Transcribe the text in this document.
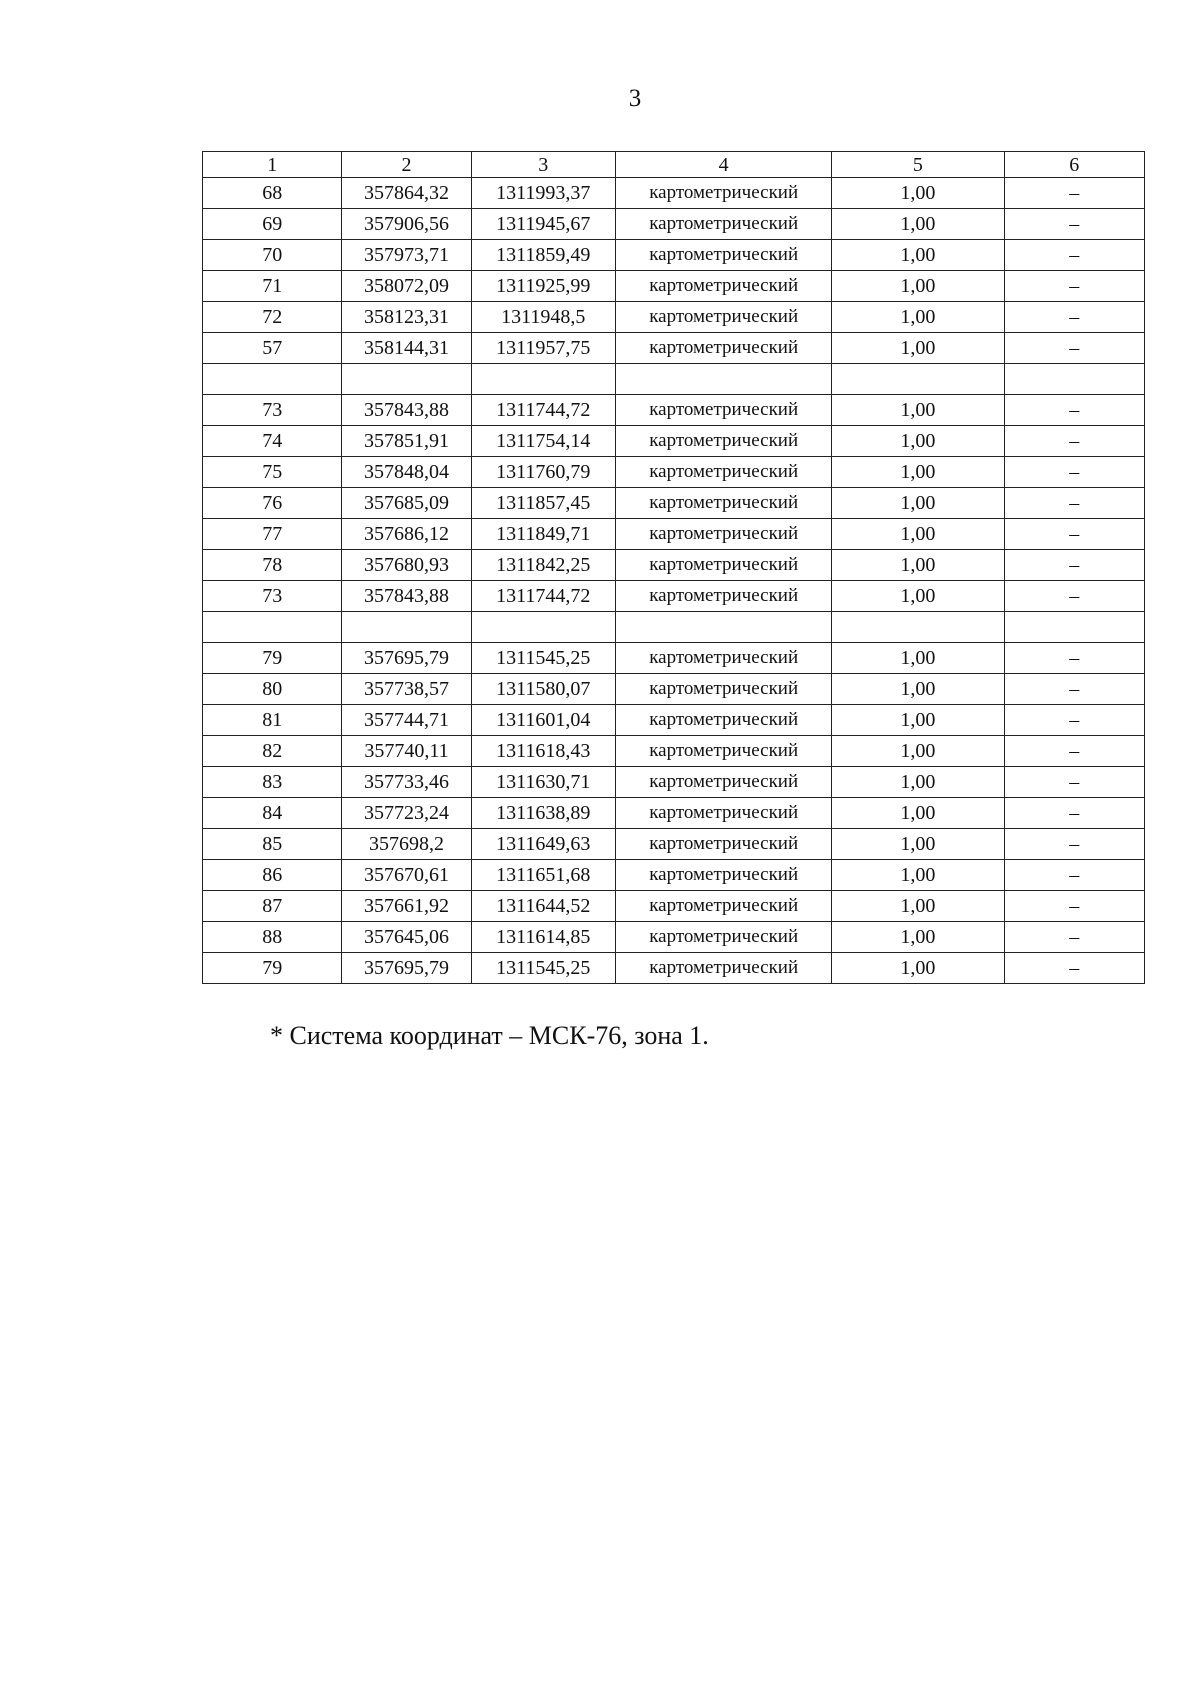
3
1	2	3	4	5	6
68	357864,32	1311993,37	картометрический	1,00	–
69	357906,56	1311945,67	картометрический	1,00	–
70	357973,71	1311859,49	картометрический	1,00	–
71	358072,09	1311925,99	картометрический	1,00	–
72	358123,31	1311948,5	картометрический	1,00	–
57	358144,31	1311957,75	картометрический	1,00	–

73	357843,88	1311744,72	картометрический	1,00	–
74	357851,91	1311754,14	картометрический	1,00	–
75	357848,04	1311760,79	картометрический	1,00	–
76	357685,09	1311857,45	картометрический	1,00	–
77	357686,12	1311849,71	картометрический	1,00	–
78	357680,93	1311842,25	картометрический	1,00	–
73	357843,88	1311744,72	картометрический	1,00	–

79	357695,79	1311545,25	картометрический	1,00	–
80	357738,57	1311580,07	картометрический	1,00	–
81	357744,71	1311601,04	картометрический	1,00	–
82	357740,11	1311618,43	картометрический	1,00	–
83	357733,46	1311630,71	картометрический	1,00	–
84	357723,24	1311638,89	картометрический	1,00	–
85	357698,2	1311649,63	картометрический	1,00	–
86	357670,61	1311651,68	картометрический	1,00	–
87	357661,92	1311644,52	картометрический	1,00	–
88	357645,06	1311614,85	картометрический	1,00	–
79	357695,79	1311545,25	картометрический	1,00	–
* Система координат – МСК-76, зона 1.
